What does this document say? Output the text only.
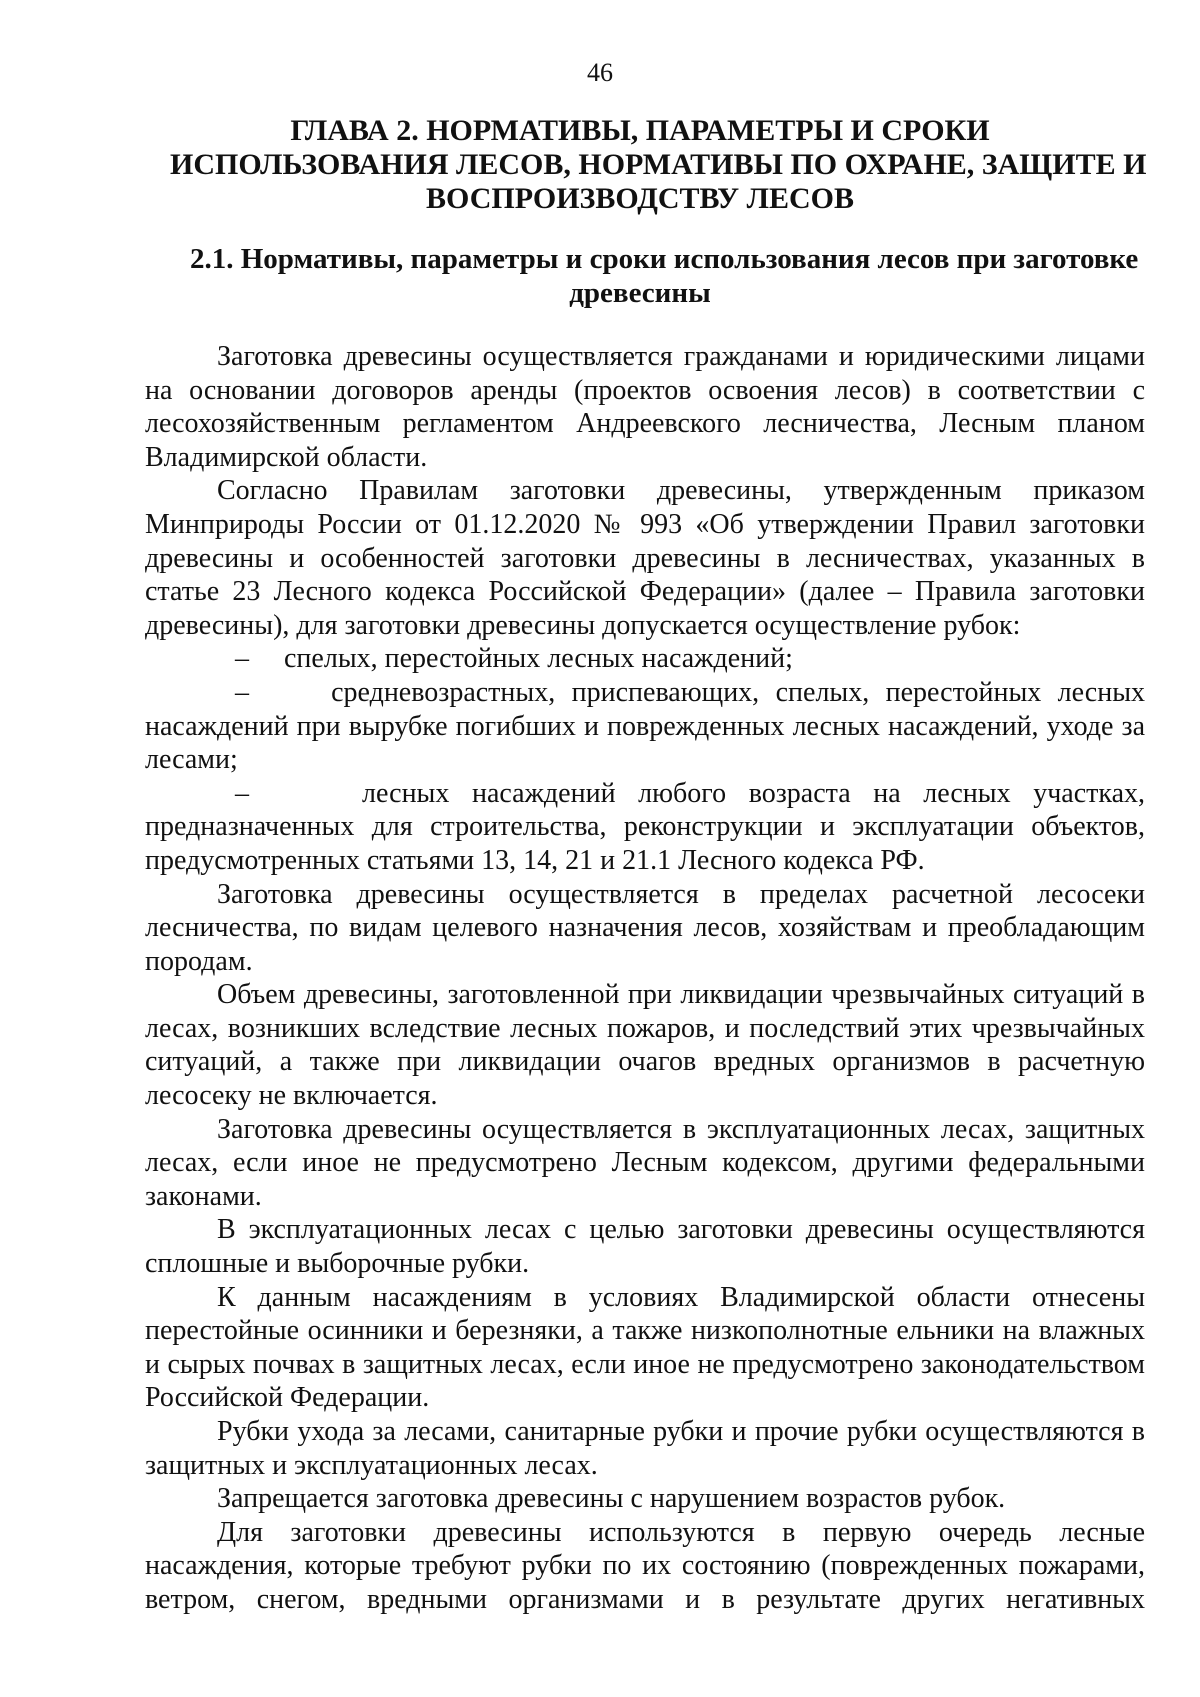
46
ГЛАВА 2. НОРМАТИВЫ, ПАРАМЕТРЫ И СРОКИ
ИСПОЛЬЗОВАНИЯ ЛЕСОВ, НОРМАТИВЫ ПО ОХРАНЕ, ЗАЩИТЕ И
ВОСПРОИЗВОДСТВУ ЛЕСОВ
2.1. Нормативы, параметры и сроки использования лесов при заготовке
древесины

Заготовка древесины осуществляется гражданами и юридическими лицами на основании договоров аренды (проектов освоения лесов) в соответствии с лесохозяйственным регламентом Андреевского лесничества, Лесным планом Владимирской области.

Согласно Правилам заготовки древесины, утвержденным приказом Минприроды России от 01.12.2020 № 993 «Об утверждении Правил заготовки древесины и особенностей заготовки древесины в лесничествах, указанных в статье 23 Лесного кодекса Российской Федерации» (далее – Правила заготовки древесины), для заготовки древесины допускается осуществление рубок:

–     спелых, перестойных лесных насаждений;

–     средневозрастных, приспевающих, спелых, перестойных лесных насаждений при вырубке погибших и поврежденных лесных насаждений, уходе за лесами;

–     лесных насаждений любого возраста на лесных участках, предназначенных для строительства, реконструкции и эксплуатации объектов, предусмотренных статьями 13, 14, 21 и 21.1 Лесного кодекса РФ.

Заготовка древесины осуществляется в пределах расчетной лесосеки лесничества, по видам целевого назначения лесов, хозяйствам и преобладающим породам.

Объем древесины, заготовленной при ликвидации чрезвычайных ситуаций в лесах, возникших вследствие лесных пожаров, и последствий этих чрезвычайных ситуаций, а также при ликвидации очагов вредных организмов в расчетную лесосеку не включается.

Заготовка древесины осуществляется в эксплуатационных лесах, защитных лесах, если иное не предусмотрено Лесным кодексом, другими федеральными законами.

В эксплуатационных лесах с целью заготовки древесины осуществляются сплошные и выборочные рубки.

К данным насаждениям в условиях Владимирской области отнесены перестойные осинники и березняки, а также низкополнотные ельники на влажных и сырых почвах в защитных лесах, если иное не предусмотрено законодательством Российской Федерации.

Рубки ухода за лесами, санитарные рубки и прочие рубки осуществляются в защитных и эксплуатационных лесах.

Запрещается заготовка древесины с нарушением возрастов рубок.

Для заготовки древесины используются в первую очередь лесные насаждения, которые требуют рубки по их состоянию (поврежденных пожарами, ветром, снегом, вредными организмами и в результате других негативных
